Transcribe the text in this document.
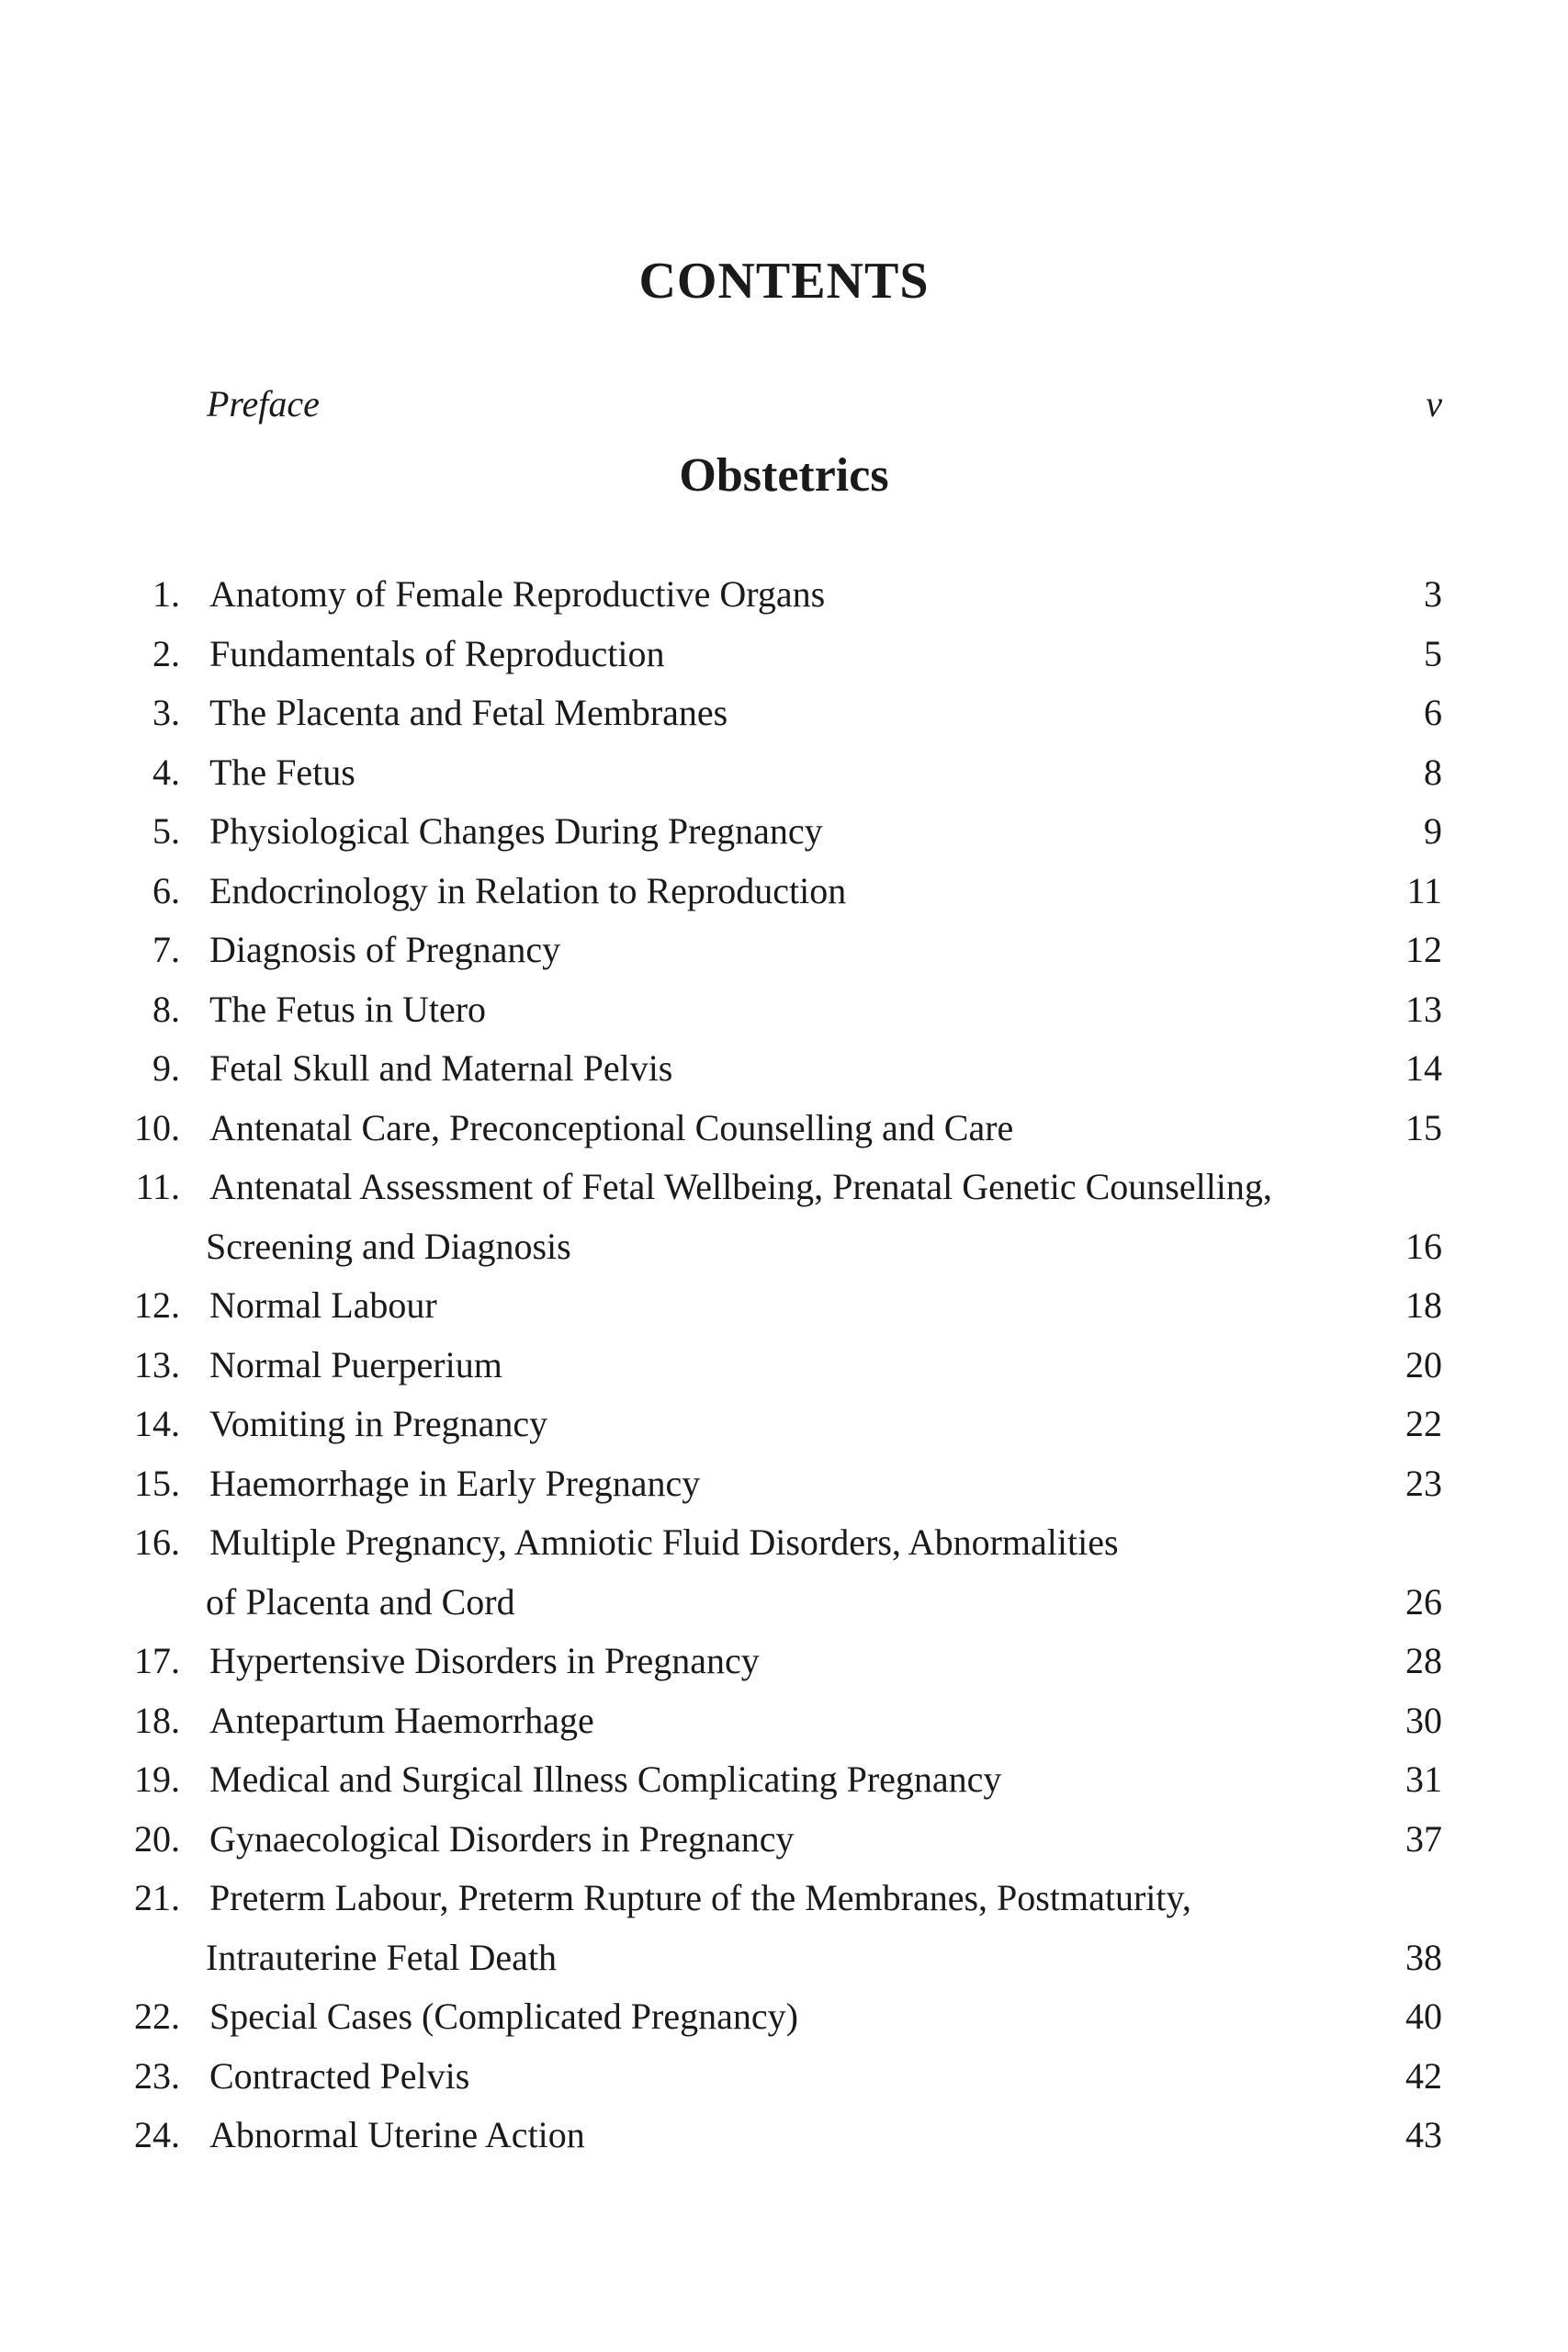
CONTENTS
Preface	v
Obstetrics
1. Anatomy of Female Reproductive Organs	3
2. Fundamentals of Reproduction	5
3. The Placenta and Fetal Membranes	6
4. The Fetus	8
5. Physiological Changes During Pregnancy	9
6. Endocrinology in Relation to Reproduction	11
7. Diagnosis of Pregnancy	12
8. The Fetus in Utero	13
9. Fetal Skull and Maternal Pelvis	14
10. Antenatal Care, Preconceptional Counselling and Care	15
11. Antenatal Assessment of Fetal Wellbeing, Prenatal Genetic Counselling,
Screening and Diagnosis	16
12. Normal Labour	18
13. Normal Puerperium	20
14. Vomiting in Pregnancy	22
15. Haemorrhage in Early Pregnancy	23
16. Multiple Pregnancy, Amniotic Fluid Disorders, Abnormalities
of Placenta and Cord	26
17. Hypertensive Disorders in Pregnancy	28
18. Antepartum Haemorrhage	30
19. Medical and Surgical Illness Complicating Pregnancy	31
20. Gynaecological Disorders in Pregnancy	37
21. Preterm Labour, Preterm Rupture of the Membranes, Postmaturity,
Intrauterine Fetal Death	38
22. Special Cases (Complicated Pregnancy)	40
23. Contracted Pelvis	42
24. Abnormal Uterine Action	43
